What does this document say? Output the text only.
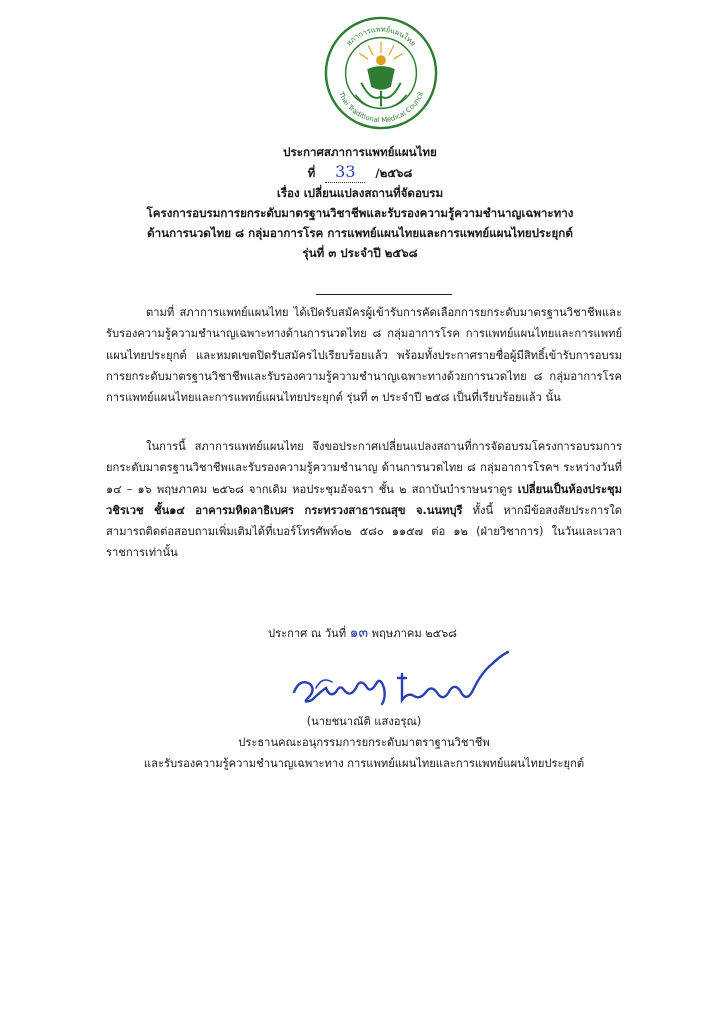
สภาการแพทย์แผนไทย
Thai Traditional Medical Council
ประกาศสภาการแพทย์แผนไทย
ที่ 33 /๒๕๖๘
เรื่อง เปลี่ยนแปลงสถานที่จัดอบรม
โครงการอบรมการยกระดับมาตรฐานวิชาชีพและรับรองความรู้ความชำนาญเฉพาะทาง
ด้านการนวดไทย ๘ กลุ่มอาการโรค การแพทย์แผนไทยและการแพทย์แผนไทยประยุกต์
รุ่นที่ ๓ ประจำปี ๒๕๖๘
ตามที่ สภาการแพทย์แผนไทย ได้เปิดรับสมัครผู้เข้ารับการคัดเลือกการยกระดับมาตรฐานวิชาชีพและรับรองความรู้ความชำนาญเฉพาะทางด้านการนวดไทย ๘ กลุ่มอาการโรค การแพทย์แผนไทยและการแพทย์แผนไทยประยุกต์ และหมดเขตปิดรับสมัครไปเรียบร้อยแล้ว พร้อมทั้งประกาศรายชื่อผู้มีสิทธิ์เข้ารับการอบรมการยกระดับมาตรฐานวิชาชีพและรับรองความรู้ความชำนาญเฉพาะทางด้วยการนวดไทย ๘ กลุ่มอาการโรค การแพทย์แผนไทยและการแพทย์แผนไทยประยุกต์ รุ่นที่ ๓ ประจำปี ๒๕๘ เป็นที่เรียบร้อยแล้ว นั้น
ในการนี้ สภาการแพทย์แผนไทย จึงขอประกาศเปลี่ยนแปลงสถานที่การจัดอบรมโครงการอบรมการยกระดับมาตรฐานวิชาชีพและรับรองความรู้ความชำนาญ ด้านการนวดไทย ๘ กลุ่มอาการโรคฯ ระหว่างวันที่ ๑๔ – ๑๖ พฤษภาคม ๒๕๖๘ จากเดิม หอประชุมอัจฉรา ชั้น ๒ สถาบันบำราษนราดูร เปลี่ยนเป็นห้องประชุมวชิรเวช ชั้น๑๔ อาคารมหิดลาธิเบศร กระทรวงสาธารณสุข จ.นนทบุรี ทั้งนี้ หากมีข้อสงสัยประการใด สามารถติดต่อสอบถามเพิ่มเติมได้ที่เบอร์โทรศัพท์๐๒ ๕๘๐ ๑๑๕๗ ต่อ ๑๒ (ฝ่ายวิชาการ) ในวันและเวลาราชการเท่านั้น
ประกาศ ณ วันที่ ๑๓ พฤษภาคม ๒๕๖๘
(นายชนาณัติ แสงอรุณ)
ประธานคณะอนุกรรมการยกระดับมาตราฐานวิชาชีพ
และรับรองความรู้ความชำนาญเฉพาะทาง การแพทย์แผนไทยและการแพทย์แผนไทยประยุกต์
